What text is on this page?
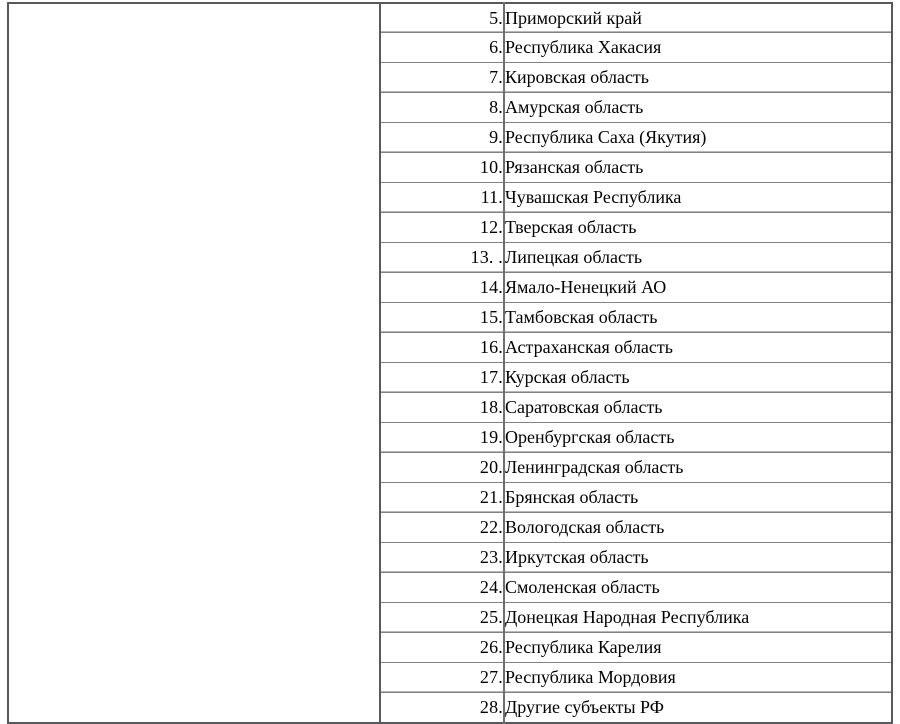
	5.	Приморский край
	6.	Республика Хакасия
	7.	Кировская область
	8.	Амурская область
	9.	Республика Саха (Якутия)
	10.	Рязанская область
	11.	Чувашская Республика
	12.	Тверская область
	13. .	Липецкая область
	14.	Ямало-Ненецкий АО
	15.	Тамбовская область
	16.	Астраханская область
	17.	Курская область
	18.	Саратовская область
	19.	Оренбургская область
	20.	Ленинградская область
	21.	Брянская область
	22.	Вологодская область
	23.	Иркутская область
	24.	Смоленская область
	25.	Донецкая Народная Республика
	26.	Республика Карелия
	27.	Республика Мордовия
	28.	Другие субъекты РФ
